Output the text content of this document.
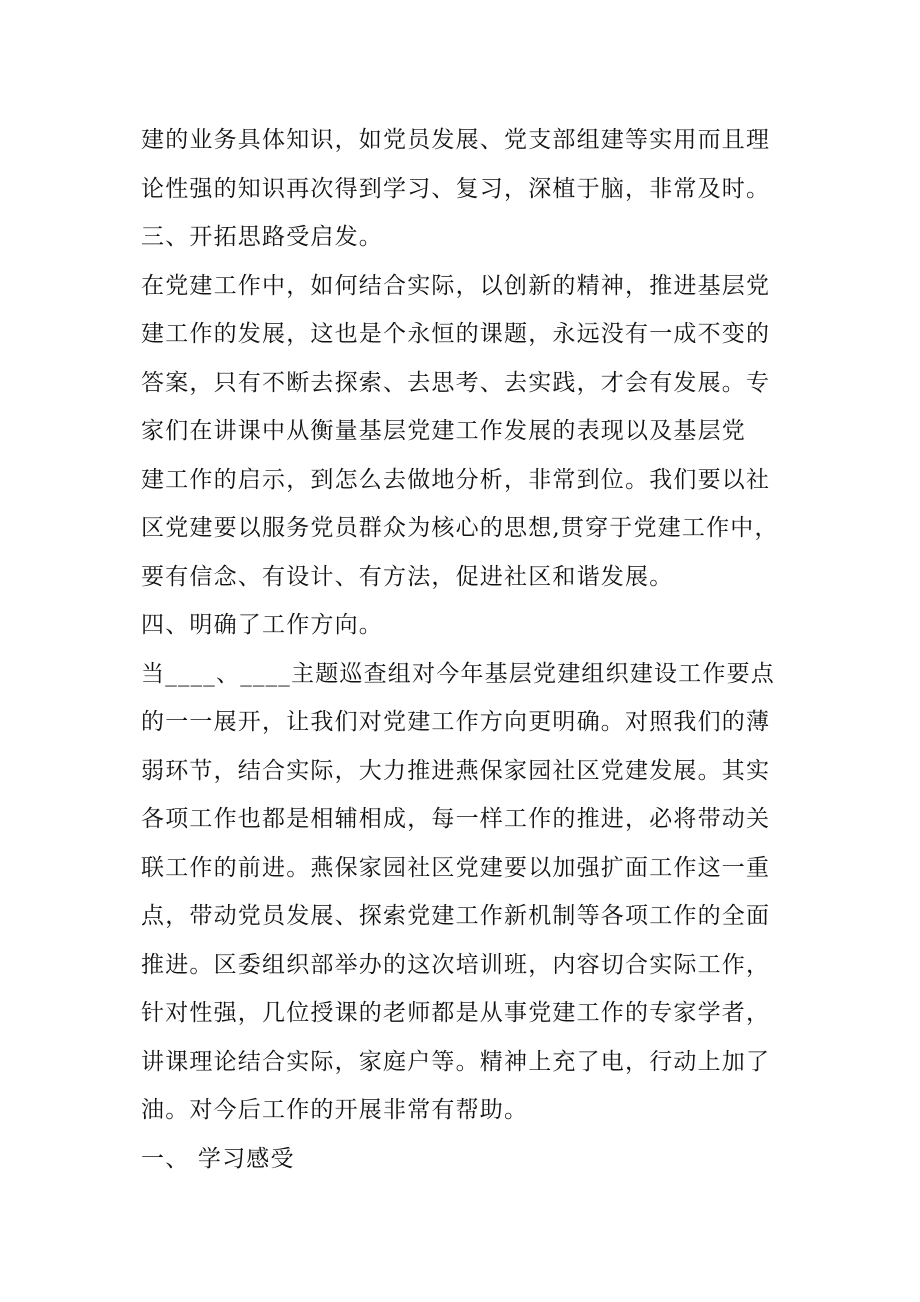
建的业务具体知识，如党员发展、党支部组建等实用而且理
论性强的知识再次得到学习、复习，深植于脑，非常及时。
三、开拓思路受启发。
在党建工作中，如何结合实际，以创新的精神，推进基层党
建工作的发展，这也是个永恒的课题，永远没有一成不变的
答案，只有不断去探索、去思考、去实践，才会有发展。专
家们在讲课中从衡量基层党建工作发展的表现以及基层党
建工作的启示，到怎么去做地分析，非常到位。我们要以社
区党建要以服务党员群众为核心的思想,贯穿于党建工作中，
要有信念、有设计、有方法，促进社区和谐发展。
四、明确了工作方向。
当____、____主题巡查组对今年基层党建组织建设工作要点
的一一展开，让我们对党建工作方向更明确。对照我们的薄
弱环节，结合实际，大力推进燕保家园社区党建发展。其实
各项工作也都是相辅相成，每一样工作的推进，必将带动关
联工作的前进。燕保家园社区党建要以加强扩面工作这一重
点，带动党员发展、探索党建工作新机制等各项工作的全面
推进。区委组织部举办的这次培训班，内容切合实际工作，
针对性强，几位授课的老师都是从事党建工作的专家学者，
讲课理论结合实际，家庭户等。精神上充了电，行动上加了
油。对今后工作的开展非常有帮助。
一、 学习感受
